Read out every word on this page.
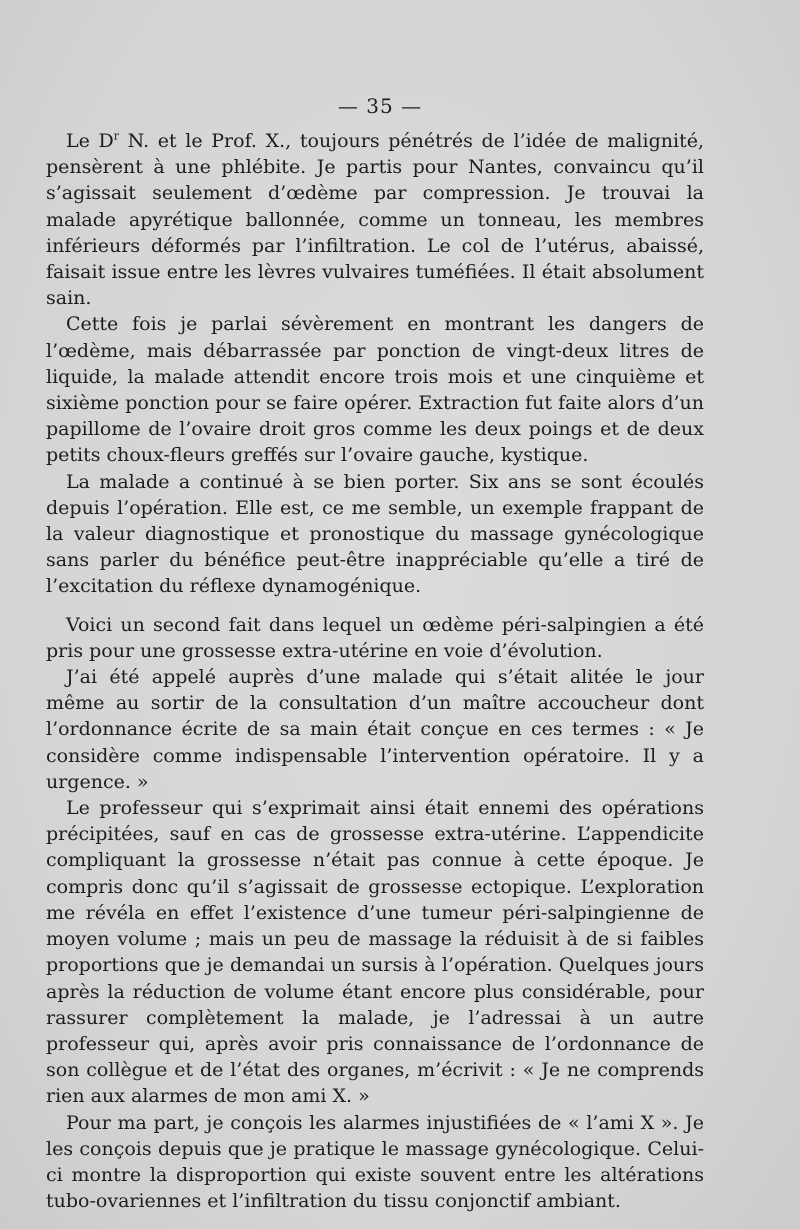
— 35 —

Le $D^r$ N. et le Prof. X., toujours pénétrés de l’idée de malignité, pensèrent à une phlébite. Je partis pour Nantes, convaincu qu’il s’agissait seulement d’œdème par compression. Je trouvai la malade apyrétique ballonnée, comme un tonneau, les membres inférieurs déformés par l’infiltration. Le col de l’utérus, abaissé, faisait issue entre les lèvres vulvaires tuméfiées. Il était absolument sain.

Cette fois je parlai sévèrement en montrant les dangers de l’œdème, mais débarrassée par ponction de vingt-deux litres de liquide, la malade attendit encore trois mois et une cinquième et sixième ponction pour se faire opérer. Extraction fut faite alors d’un papillome de l’ovaire droit gros comme les deux poings et de deux petits choux-fleurs greffés sur l’ovaire gauche, kystique.

La malade a continué à se bien porter. Six ans se sont écoulés depuis l’opération. Elle est, ce me semble, un exemple frappant de la valeur diagnostique et pronostique du massage gynécologique sans parler du bénéfice peut-être inappréciable qu’elle a tiré de l’excitation du réflexe dynamogénique.

Voici un second fait dans lequel un œdème péri-salpingien a été pris pour une grossesse extra-utérine en voie d’évolution.

J’ai été appelé auprès d’une malade qui s’était alitée le jour même au sortir de la consultation d’un maître accoucheur dont l’ordonnance écrite de sa main était conçue en ces termes : « Je considère comme indispensable l’intervention opératoire. Il y a urgence. »

Le professeur qui s’exprimait ainsi était ennemi des opérations précipitées, sauf en cas de grossesse extra-utérine. L’appendicite compliquant la grossesse n’était pas connue à cette époque. Je compris donc qu’il s’agissait de grossesse ectopique. L’exploration me révéla en effet l’existence d’une tumeur péri-salpingienne de moyen volume ; mais un peu de massage la réduisit à de si faibles proportions que je demandai un sursis à l’opération. Quelques jours après la réduction de volume étant encore plus considérable, pour rassurer complètement la malade, je l’adressai à un autre professeur qui, après avoir pris connaissance de l’ordonnance de son collègue et de l’état des organes, m’écrivit : « Je ne comprends rien aux alarmes de mon ami X. »

Pour ma part, je conçois les alarmes injustifiées de « l’ami X ». Je les conçois depuis que je pratique le massage gynécologique. Celui-ci montre la disproportion qui existe souvent entre les altérations tubo-ovariennes et l’infiltration du tissu conjonctif ambiant.
